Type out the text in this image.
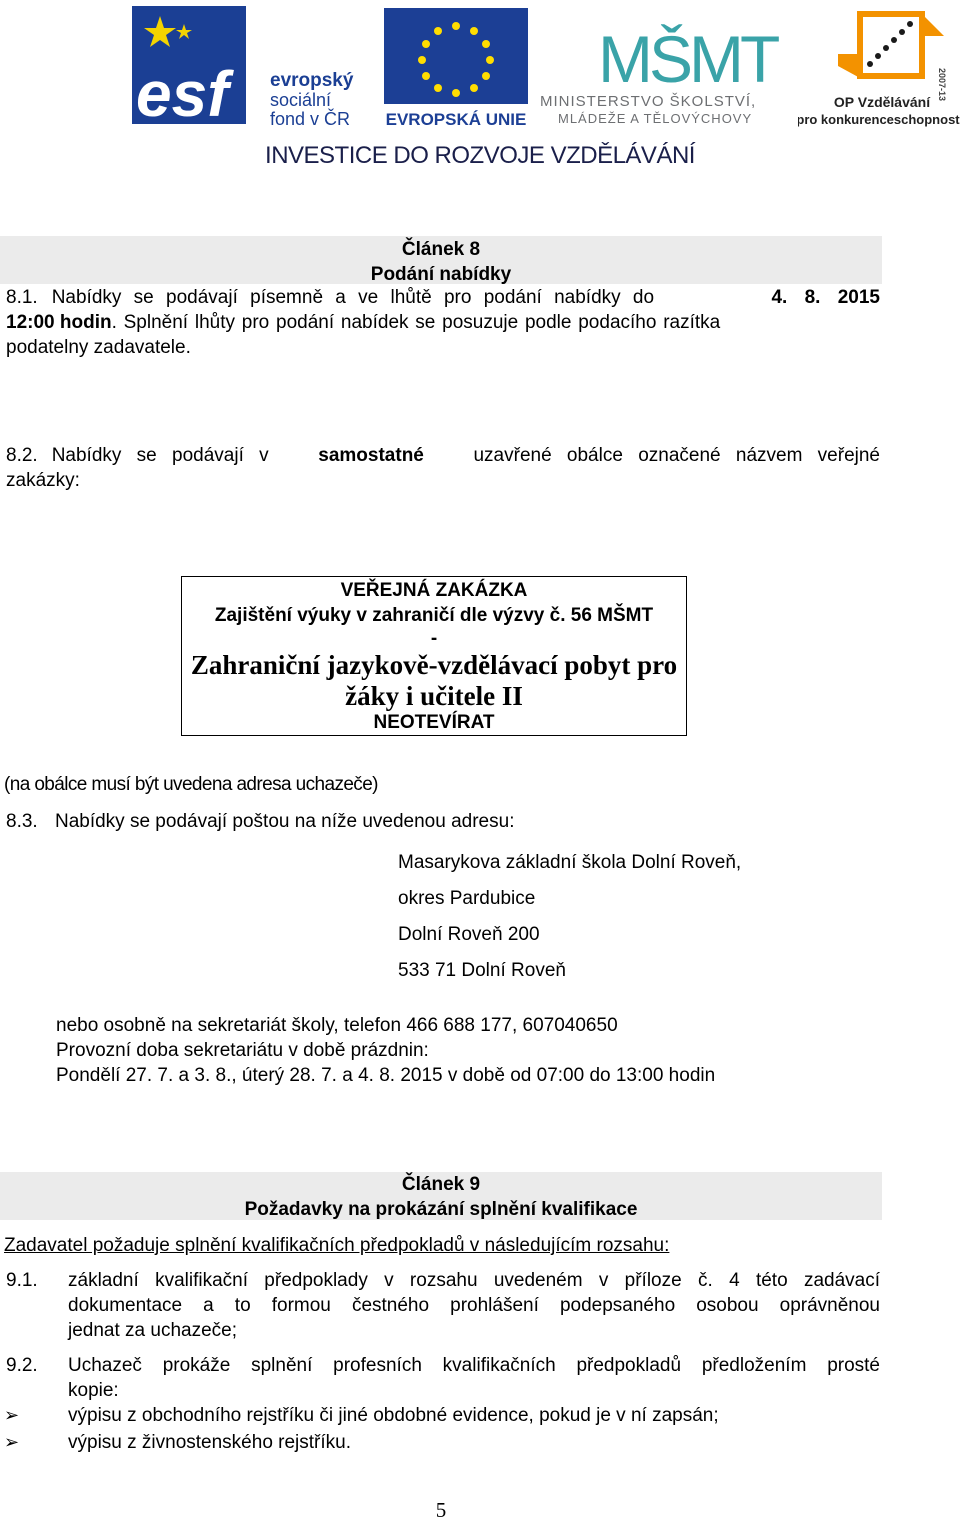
esf evropský
sociální
fond v ČR EVROPSKÁ UNIE
MŠMT
MINISTERSTVO ŠKOLSTVÍ,
MLÁDEŽE A TĚLOVÝCHOVY
2007-13
OP Vzdělávání
pro konkurenceschopnost
INVESTICE DO ROZVOJE VZDĚLÁVÁNÍ
Článek 8
Podání nabídky
8.1. Nabídky se podávají písemně a ve lhůtě pro podání nabídky do	4. 8. 2015
12:00 hodin. Splnění lhůty pro podání nabídek se posuzuje podle podacího razítka
podatelny zadavatele.
8.2. Nabídky se podávají v	samostatné	uzavřené obálce označené názvem veřejné
zakázky:
VEŘEJNÁ ZAKÁZKA
Zajištění výuky v zahraničí dle výzvy č. 56 MŠMT
-
Zahraniční jazykově-vzdělávací pobyt pro
žáky i učitele II
NEOTEVÍRAT
(na obálce musí být uvedena adresa uchazeče)
8.3. Nabídky se podávají poštou na níže uvedenou adresu:
Masarykova základní škola Dolní Roveň,
okres Pardubice
Dolní Roveň 200
533 71 Dolní Roveň
nebo osobně na sekretariát školy, telefon 466 688 177, 607040650
Provozní doba sekretariátu v době prázdnin:
Pondělí 27. 7. a 3. 8., úterý 28. 7. a 4. 8. 2015 v době od 07:00 do 13:00 hodin
Článek 9
Požadavky na prokázání splnění kvalifikace
Zadavatel požaduje splnění kvalifikačních předpokladů v následujícím rozsahu:
9.1.	základní kvalifikační předpoklady v rozsahu uvedeném v příloze č. 4 této zadávací
dokumentace a to formou čestného prohlášení podepsaného osobou oprávněnou
jednat za uchazeče;
9.2.	Uchazeč prokáže splnění profesních kvalifikačních předpokladů předložením prosté
kopie:
➢	výpisu z obchodního rejstříku či jiné obdobné evidence, pokud je v ní zapsán;
➢	výpisu z živnostenského rejstříku.
5
